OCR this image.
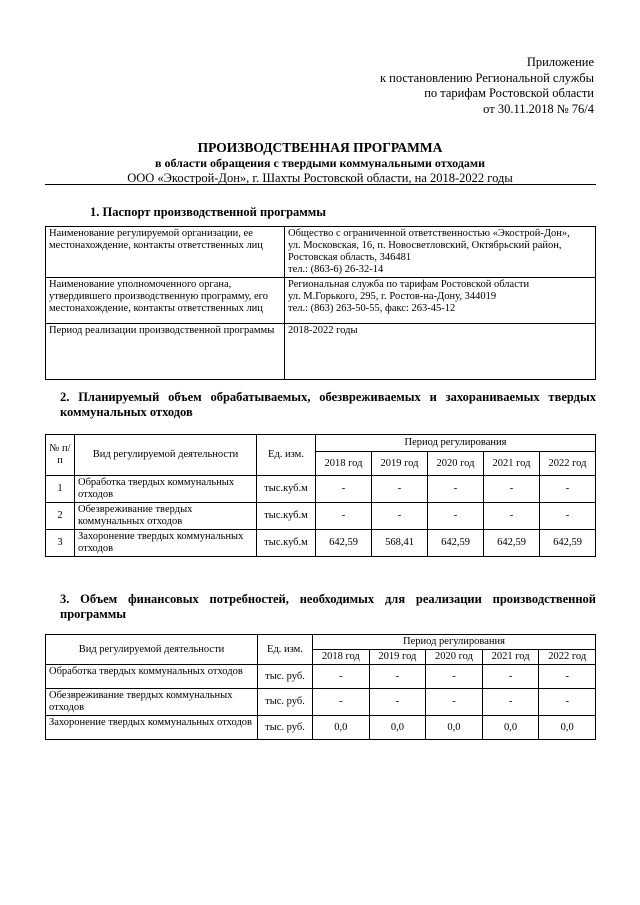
Приложение
к постановлению Региональной службы
по тарифам Ростовской области
от 30.11.2018 № 76/4
ПРОИЗВОДСТВЕННАЯ ПРОГРАММА
в области обращения с твердыми коммунальными отходами
ООО «Экострой-Дон», г. Шахты Ростовской области, на 2018-2022 годы
1. Паспорт производственной программы
Наименование регулируемой организации, ее местонахождение, контакты ответственных лиц	Общество с ограниченной ответственностью «Экострой-Дон»,
ул. Московская, 16, п. Новосветловский, Октябрьский район,
Ростовская область, 346481
тел.: (863-6) 26-32-14

Наименование уполномоченного органа, утвердившего производственную программу, его местонахождение, контакты ответственных лиц	Региональная служба по тарифам Ростовской области
ул. М.Горького, 295, г. Ростов-на-Дону, 344019
тел.: (863) 263-50-55, факс: 263-45-12

Период реализации производственной программы	2018-2022 годы
2. Планируемый объем обрабатываемых, обезвреживаемых и захораниваемых твердых коммунальных отходов
№ п/п	Вид регулируемой деятельности	Ед. изм.	Период регулирования				
			2018 год	2019 год	2020 год	2021 год	2022 год
1	Обработка твердых коммунальных отходов	тыс.куб.м	-	-	-	-	-
2	Обезвреживание твердых коммунальных отходов	тыс.куб.м	-	-	-	-	-
3	Захоронение твердых коммунальных отходов	тыс.куб.м	642,59	568,41	642,59	642,59	642,59
3. Объем финансовых потребностей, необходимых для реализации производственной программы
Вид регулируемой деятельности	Ед. изм.	Период регулирования				
		2018 год	2019 год	2020 год	2021 год	2022 год
Обработка твердых коммунальных отходов	тыс. руб.	-	-	-	-	-
Обезвреживание твердых коммунальных отходов	тыс. руб.	-	-	-	-	-
Захоронение твердых коммунальных отходов	тыс. руб.	0,0	0,0	0,0	0,0	0,0
